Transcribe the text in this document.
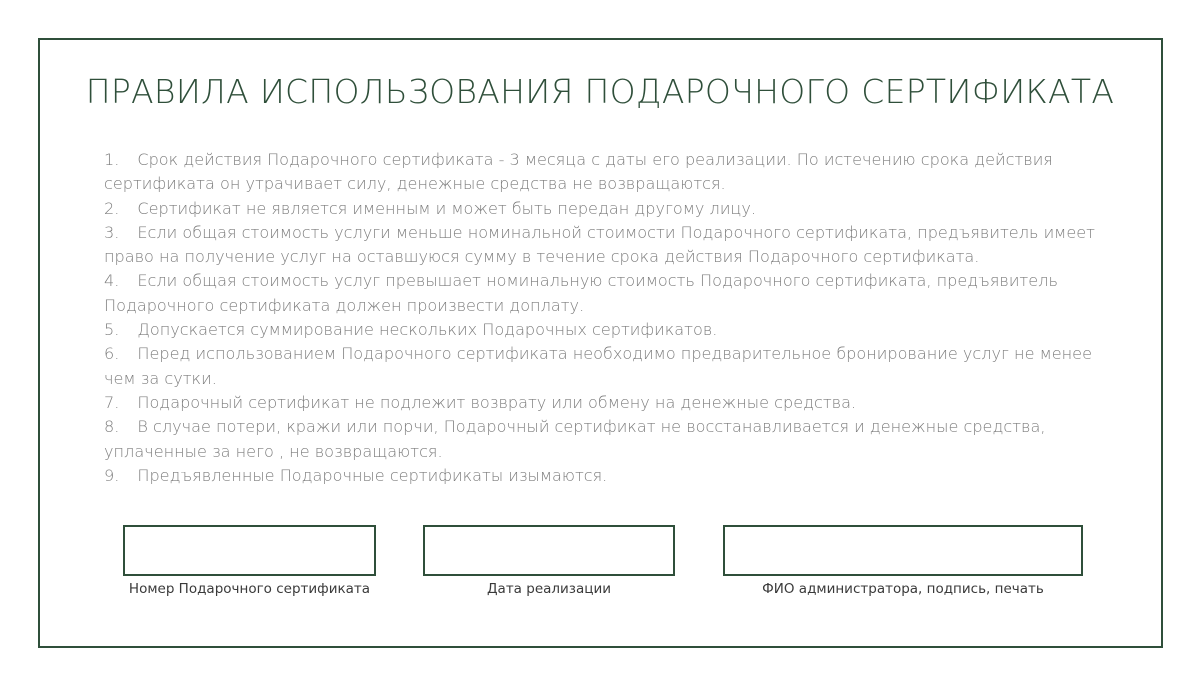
ПРАВИЛА ИСПОЛЬЗОВАНИЯ ПОДАРОЧНОГО СЕРТИФИКАТА
1. Срок действия Подарочного сертификата - 3 месяца с даты его реализации. По истечению срока действия сертификата он утрачивает силу, денежные средства не возвращаются.
2. Сертификат не является именным и может быть передан другому лицу.
3. Если общая стоимость услуги меньше номинальной стоимости Подарочного сертификата, предъявитель имеет право на получение услуг на оставшуюся сумму в течение срока действия Подарочного сертификата.
4. Если общая стоимость услуг превышает номинальную стоимость Подарочного сертификата, предъявитель Подарочного сертификата должен произвести доплату.
5. Допускается суммирование нескольких Подарочных сертификатов.
6. Перед использованием Подарочного сертификата необходимо предварительное бронирование услуг не менее чем за сутки.
7. Подарочный сертификат не подлежит возврату или обмену на денежные средства.
8. В случае потери, кражи или порчи, Подарочный сертификат не восстанавливается и денежные средства, уплаченные за него , не возвращаются.
9. Предъявленные Подарочные сертификаты изымаются.
Номер Подарочного сертификата	Дата реализации	ФИО администратора, подпись, печать
